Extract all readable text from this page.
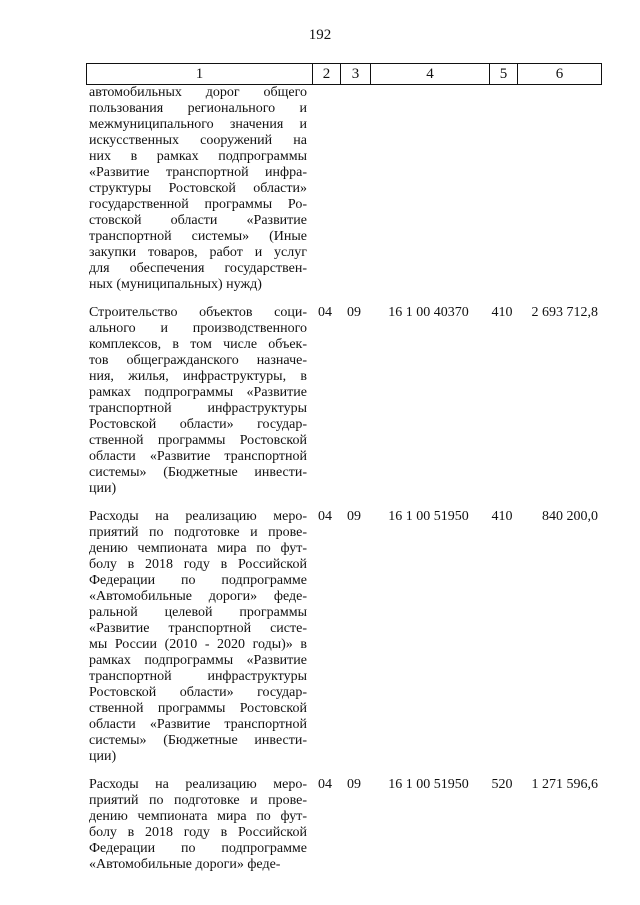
192
1	2	3	4	5	6
автомобильных дорог общего
пользования регионального и
межмуниципального значения и
искусственных сооружений на
них в рамках подпрограммы
«Развитие транспортной инфра-
структуры Ростовской области»
государственной программы Ро-
стовской области «Развитие
транспортной системы» (Иные
закупки товаров, работ и услуг
для обеспечения государствен-
ных (муниципальных) нужд)
Строительство объектов соци-
ального и производственного
комплексов, в том числе объек-
тов общегражданского назначе-
ния, жилья, инфраструктуры, в
рамках подпрограммы «Развитие
транспортной инфраструктуры
Ростовской области» государ-
ственной программы Ростовской
области «Развитие транспортной
системы» (Бюджетные инвести-
ции)
04	09	16 1 00 40370	410	2 693 712,8
Расходы на реализацию меро-
приятий по подготовке и прове-
дению чемпионата мира по фут-
болу в 2018 году в Российской
Федерации по подпрограмме
«Автомобильные дороги» феде-
ральной целевой программы
«Развитие транспортной систе-
мы России (2010 - 2020 годы)» в
рамках подпрограммы «Развитие
транспортной инфраструктуры
Ростовской области» государ-
ственной программы Ростовской
области «Развитие транспортной
системы» (Бюджетные инвести-
ции)
04	09	16 1 00 51950	410	840 200,0
Расходы на реализацию меро-
приятий по подготовке и прове-
дению чемпионата мира по фут-
болу в 2018 году в Российской
Федерации по подпрограмме
«Автомобильные дороги» феде-
04	09	16 1 00 51950	520	1 271 596,6
